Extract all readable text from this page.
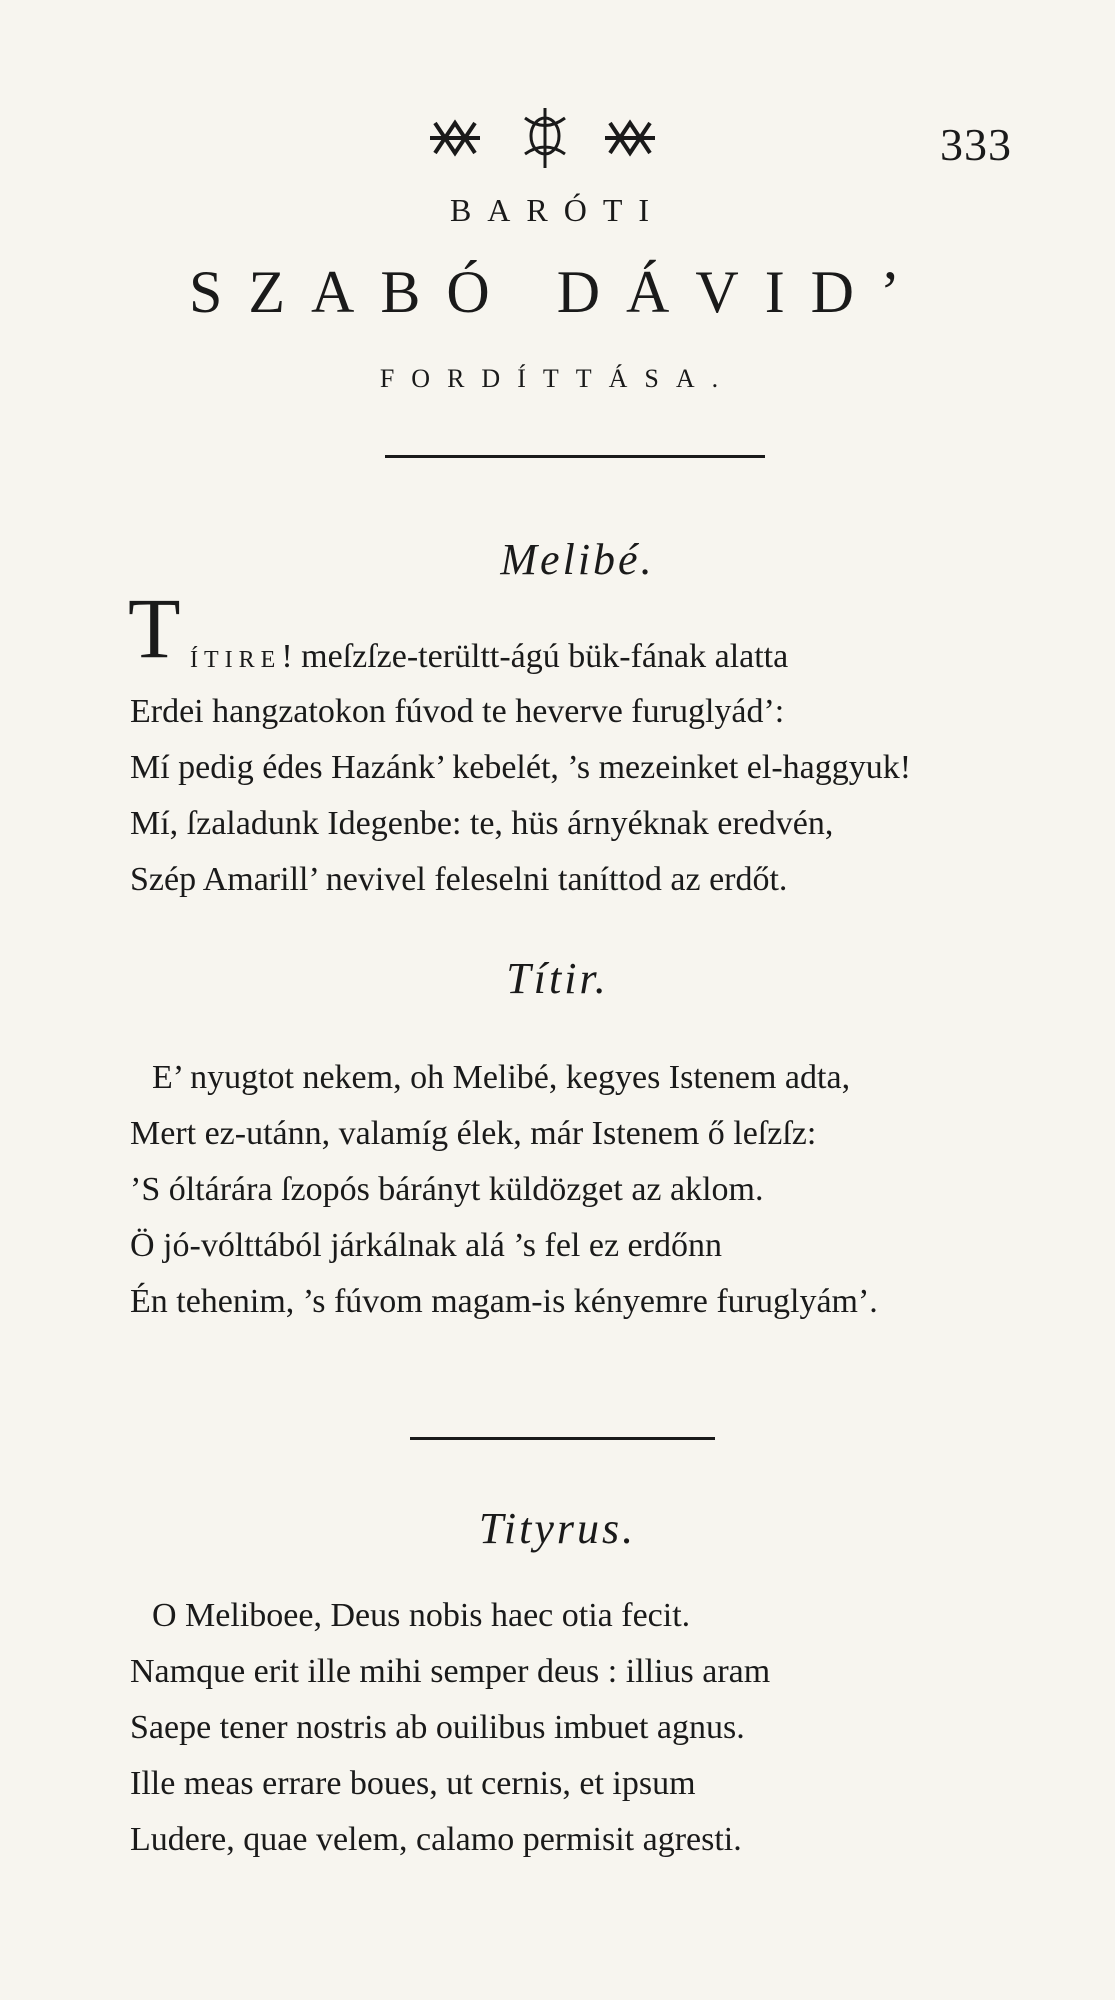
333
BARÓTI
SZABÓ DÁVID’
FORDÍTTÁSA.
Melibé.
T ÍTIRE! meſzſze-terültt-ágú bük-fának alatta
Erdei hangzatokon fúvod te heverve furuglyád’:
Mí pedig édes Hazánk’ kebelét, ’s mezeinket el-haggyuk!
Mí, ſzaladunk Idegenbe: te, hüs árnyéknak eredvén,
Szép Amarill’ nevivel feleselni taníttod az erdőt.
Títir.
E’ nyugtot nekem, oh Melibé, kegyes Istenem adta,
Mert ez-utánn, valamíg élek, már Istenem ő leſzſz:
’S óltárára ſzopós bárányt küldözget az aklom.
Ö jó-vólttából járkálnak alá ’s fel ez erdőnn
Én tehenim, ’s fúvom magam-is kényemre furuglyám’.
Tityrus.
O Meliboee, Deus nobis haec otia fecit.
Namque erit ille mihi semper deus : illius aram
Saepe tener nostris ab ouilibus imbuet agnus.
Ille meas errare boues, ut cernis, et ipsum
Ludere, quae velem, calamo permisit agresti.
